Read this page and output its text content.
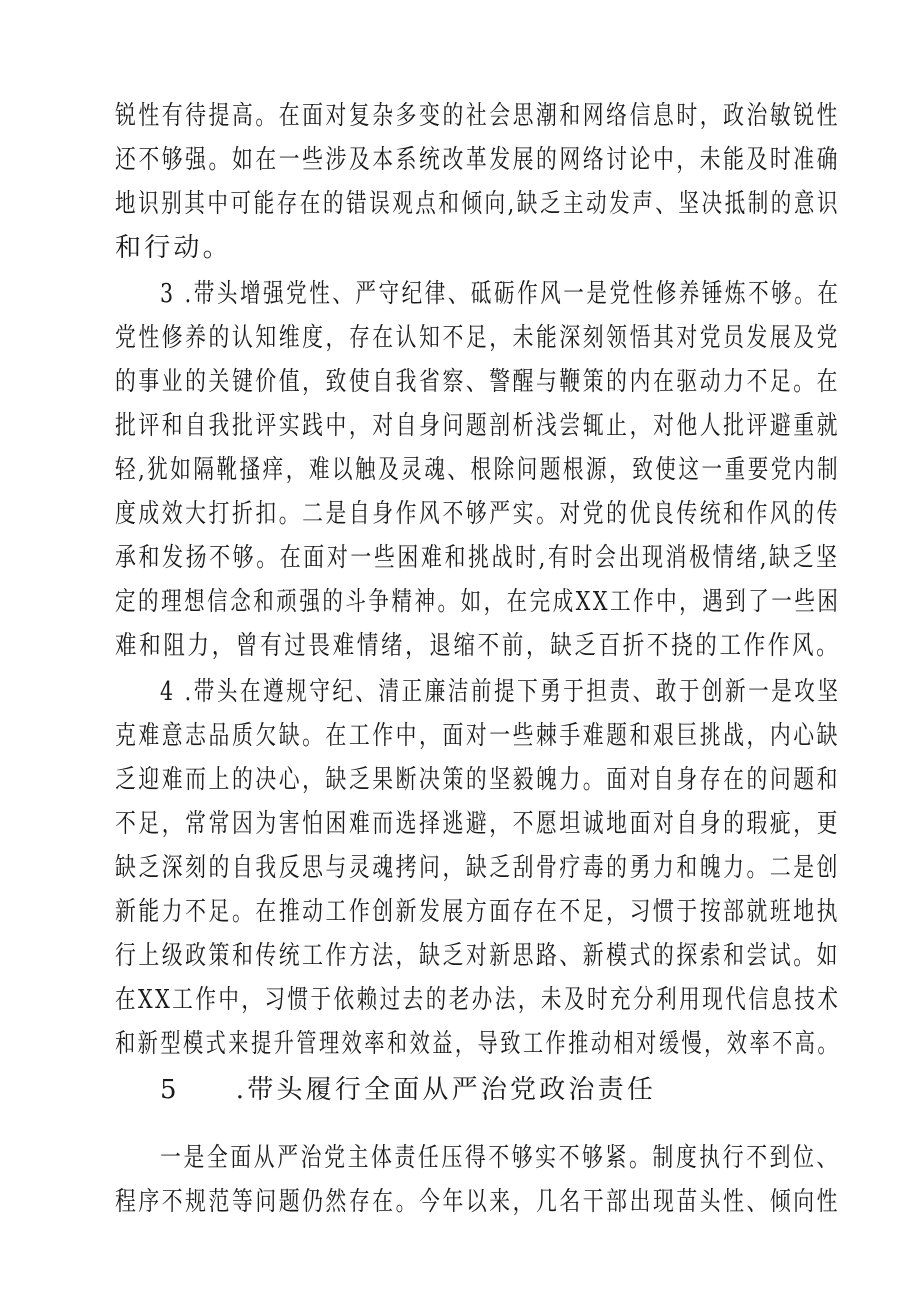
锐性有待提高。在面对复杂多变的社会思潮和网络信息时，政治敏锐性
还不够强。如在一些涉及本系统改革发展的网络讨论中，未能及时准确
地识别其中可能存在的错误观点和倾向,缺乏主动发声、坚决抵制的意识
和行动。
3 .带头增强党性、严守纪律、砥砺作风一是党性修养锤炼不够。在
党性修养的认知维度，存在认知不足，未能深刻领悟其对党员发展及党
的事业的关键价值，致使自我省察、警醒与鞭策的内在驱动力不足。在
批评和自我批评实践中，对自身问题剖析浅尝辄止，对他人批评避重就
轻,犹如隔靴搔痒，难以触及灵魂、根除问题根源，致使这一重要党内制
度成效大打折扣。二是自身作风不够严实。对党的优良传统和作风的传
承和发扬不够。在面对一些困难和挑战时,有时会出现消极情绪,缺乏坚
定的理想信念和顽强的斗争精神。如，在完成XX工作中，遇到了一些困
难和阻力，曾有过畏难情绪，退缩不前，缺乏百折不挠的工作作风。
4 .带头在遵规守纪、清正廉洁前提下勇于担责、敢于创新一是攻坚
克难意志品质欠缺。在工作中，面对一些棘手难题和艰巨挑战，内心缺
乏迎难而上的决心，缺乏果断决策的坚毅魄力。面对自身存在的问题和
不足，常常因为害怕困难而选择逃避，不愿坦诚地面对自身的瑕疵，更
缺乏深刻的自我反思与灵魂拷问，缺乏刮骨疗毒的勇力和魄力。二是创
新能力不足。在推动工作创新发展方面存在不足，习惯于按部就班地执
行上级政策和传统工作方法，缺乏对新思路、新模式的探索和尝试。如
在XX工作中，习惯于依赖过去的老办法，未及时充分利用现代信息技术
和新型模式来提升管理效率和效益，导致工作推动相对缓慢，效率不高。
5 .带头履行全面从严治党政治责任
一是全面从严治党主体责任压得不够实不够紧。制度执行不到位、
程序不规范等问题仍然存在。今年以来，几名干部出现苗头性、倾向性
